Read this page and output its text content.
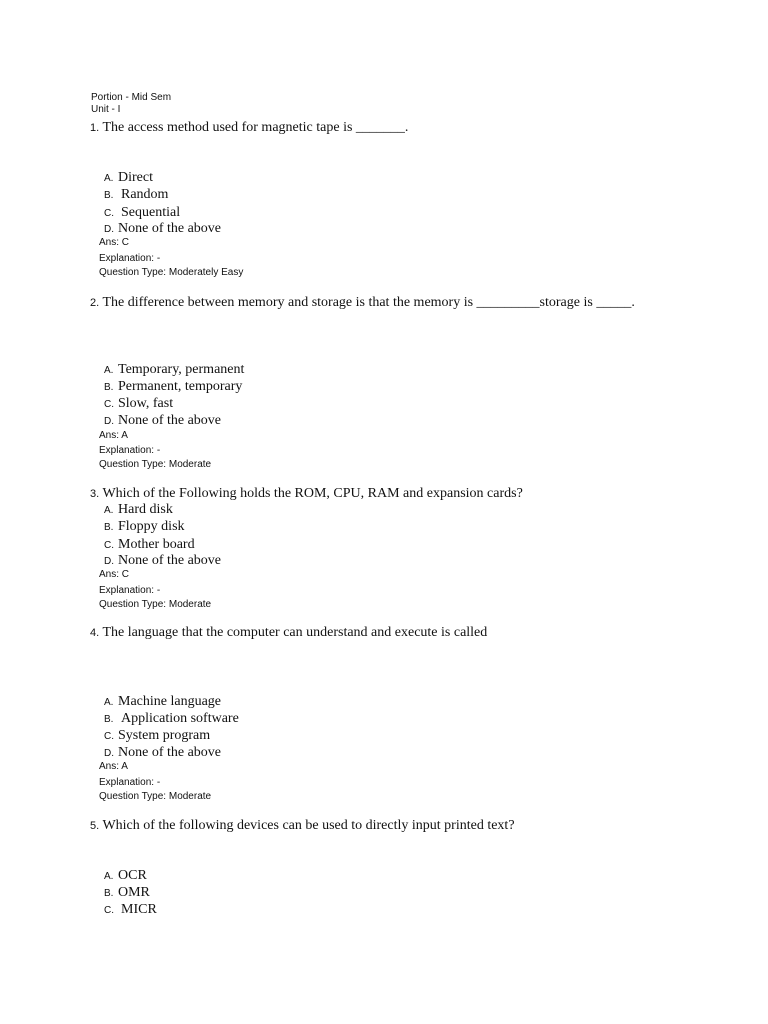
Portion - Mid Sem
Unit - I
1. The access method used for magnetic tape is _______.
A. Direct
B. Random
C. Sequential
D. None of the above
Ans: C
Explanation: -
Question Type: Moderately Easy
2. The difference between memory and storage is that the memory is _________storage is _____.
A. Temporary, permanent
B. Permanent, temporary
C. Slow, fast
D. None of the above
Ans: A
Explanation: -
Question Type: Moderate
3. Which of the Following holds the ROM, CPU, RAM and expansion cards?
A. Hard disk
B. Floppy disk
C. Mother board
D. None of the above
Ans: C
Explanation: -
Question Type: Moderate
4. The language that the computer can understand and execute is called
A. Machine language
B. Application software
C. System program
D. None of the above
Ans: A
Explanation: -
Question Type: Moderate
5. Which of the following devices can be used to directly input printed text?
A. OCR
B. OMR
C. MICR
